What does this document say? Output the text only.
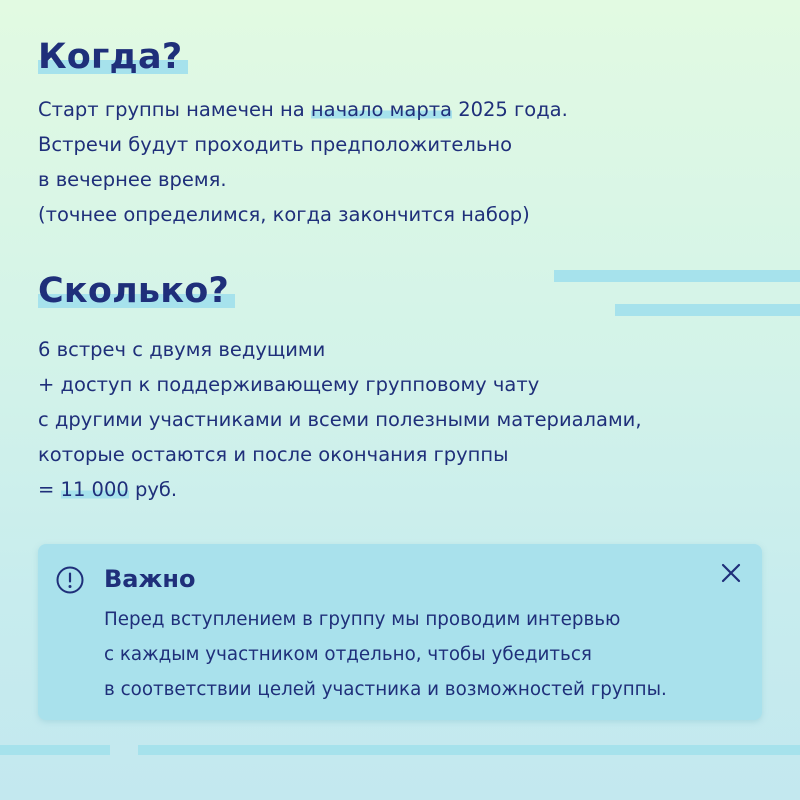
Когда?
Старт группы намечен на начало марта 2025 года.
Встречи будут проходить предположительно
в вечернее время.
(точнее определимся, когда закончится набор)
Сколько?
6 встреч с двумя ведущими
+ доступ к поддерживающему групповому чату
с другими участниками и всеми полезными материалами,
которые остаются и после окончания группы
= 11 000 руб.
Важно
Перед вступлением в группу мы проводим интервью
с каждым участником отдельно, чтобы убедиться
в соответствии целей участника и возможностей группы.
